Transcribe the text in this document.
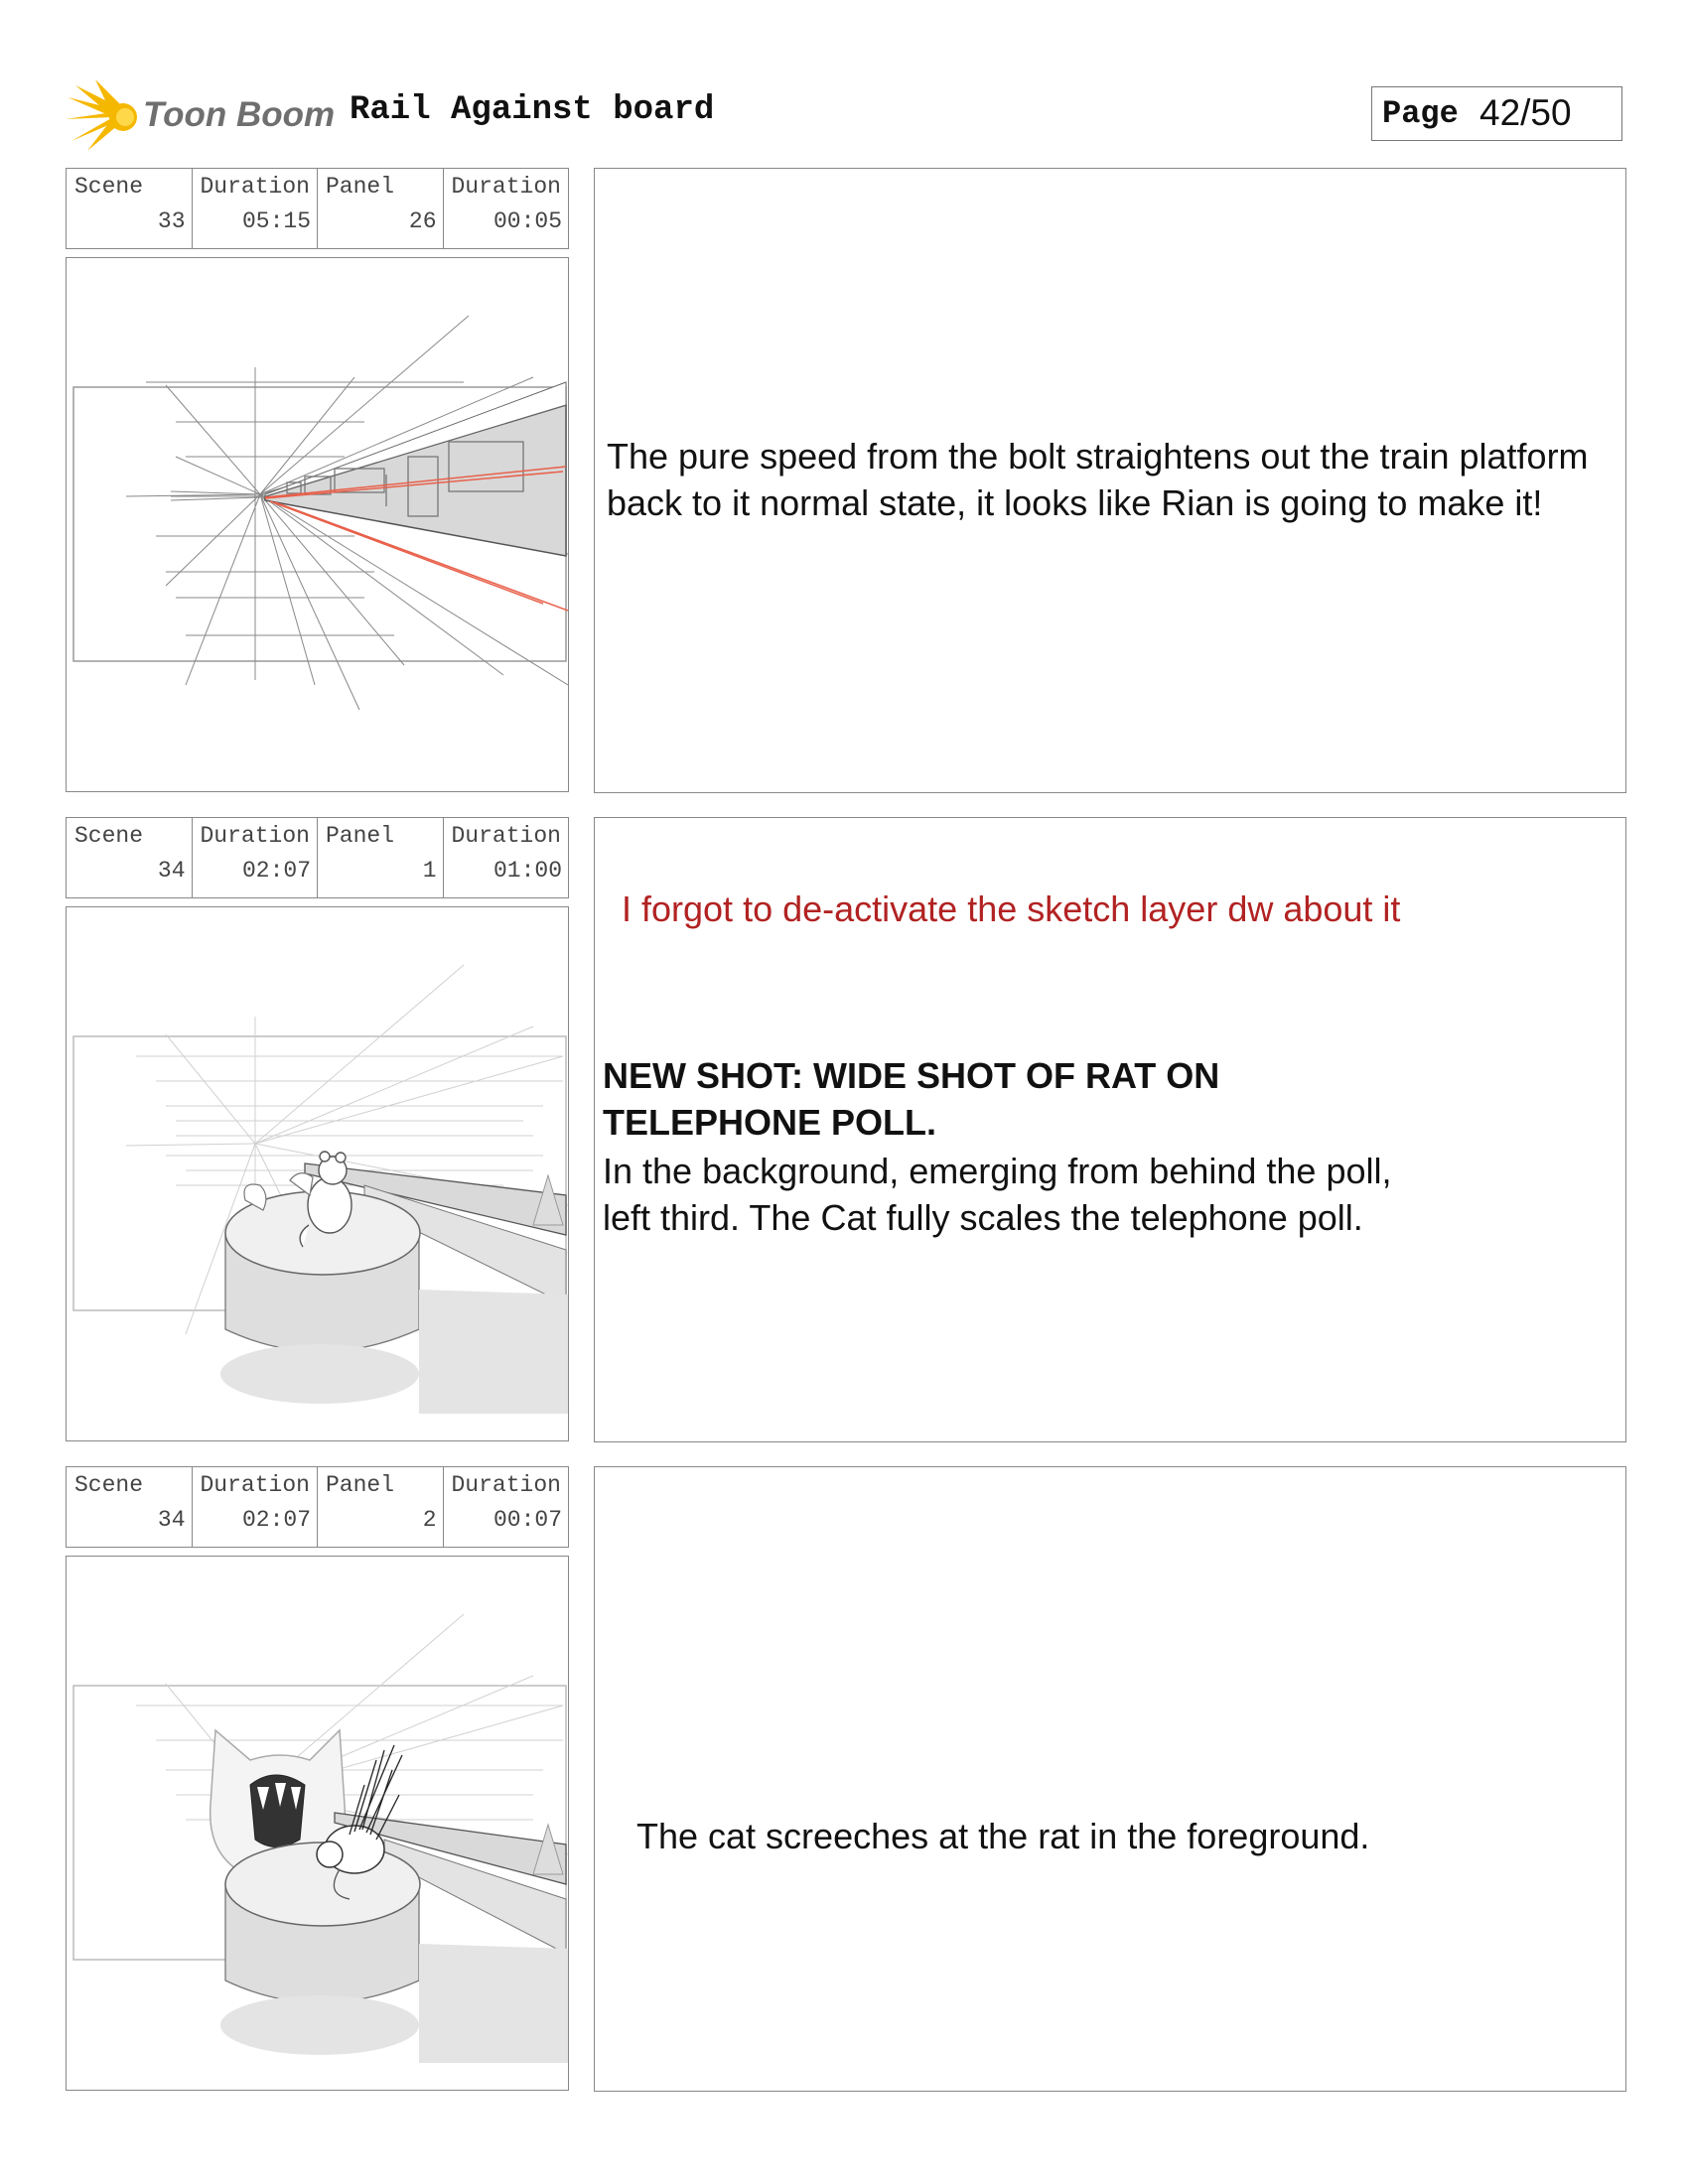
Toon Boom Rail Against board	Page 42/50
Scene
33
Duration
05:15
Panel
26
Duration
00:05
The pure speed from the bolt straightens out the train platform back to it normal state, it looks like Rian is going to make it!
Scene
34
Duration
02:07
Panel
1
Duration
01:00
I forgot to de-activate the sketch layer dw about it
NEW SHOT: WIDE SHOT OF RAT ON
TELEPHONE POLL.
In the background, emerging from behind the poll,
left third. The Cat fully scales the telephone poll.
Scene
34
Duration
02:07
Panel
2
Duration
00:07
The cat screeches at the rat in the foreground.
